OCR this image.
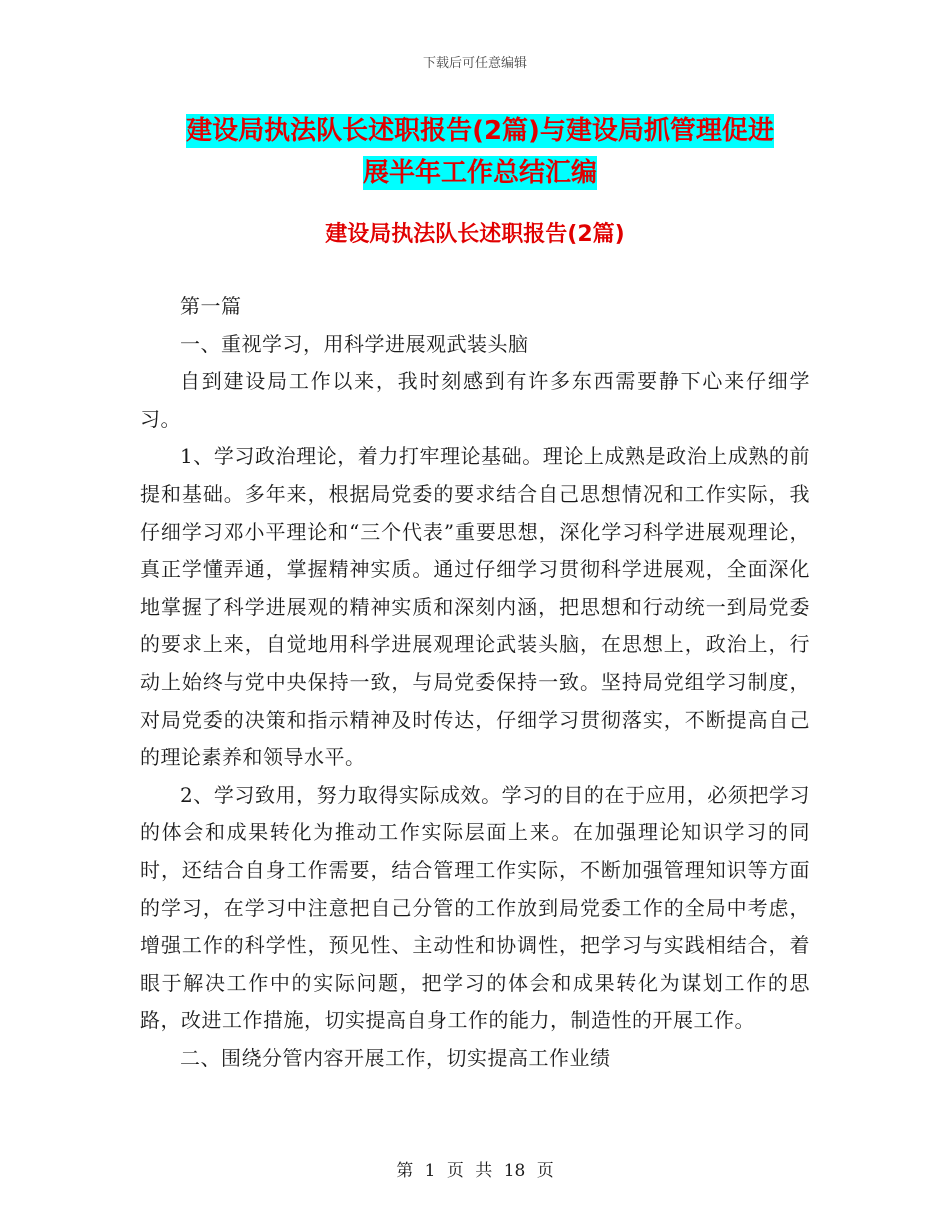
下载后可任意编辑
建设局执法队长述职报告(2篇)与建设局抓管理促进
展半年工作总结汇编
建设局执法队长述职报告(2篇)

第一篇

一、重视学习，用科学进展观武装头脑

自到建设局工作以来，我时刻感到有许多东西需要静下心来仔细学习。

1、学习政治理论，着力打牢理论基础。理论上成熟是政治上成熟的前提和基础。多年来，根据局党委的要求结合自己思想情况和工作实际，我仔细学习邓小平理论和“三个代表”重要思想，深化学习科学进展观理论，真正学懂弄通，掌握精神实质。通过仔细学习贯彻科学进展观，全面深化地掌握了科学进展观的精神实质和深刻内涵，把思想和行动统一到局党委的要求上来，自觉地用科学进展观理论武装头脑，在思想上，政治上，行动上始终与党中央保持一致，与局党委保持一致。坚持局党组学习制度，对局党委的决策和指示精神及时传达，仔细学习贯彻落实，不断提高自己的理论素养和领导水平。

2、学习致用，努力取得实际成效。学习的目的在于应用，必须把学习的体会和成果转化为推动工作实际层面上来。在加强理论知识学习的同时，还结合自身工作需要，结合管理工作实际，不断加强管理知识等方面的学习，在学习中注意把自己分管的工作放到局党委工作的全局中考虑，增强工作的科学性，预见性、主动性和协调性，把学习与实践相结合，着眼于解决工作中的实际问题，把学习的体会和成果转化为谋划工作的思路，改进工作措施，切实提高自身工作的能力，制造性的开展工作。

二、围绕分管内容开展工作，切实提高工作业绩

第 1 页 共 18 页
